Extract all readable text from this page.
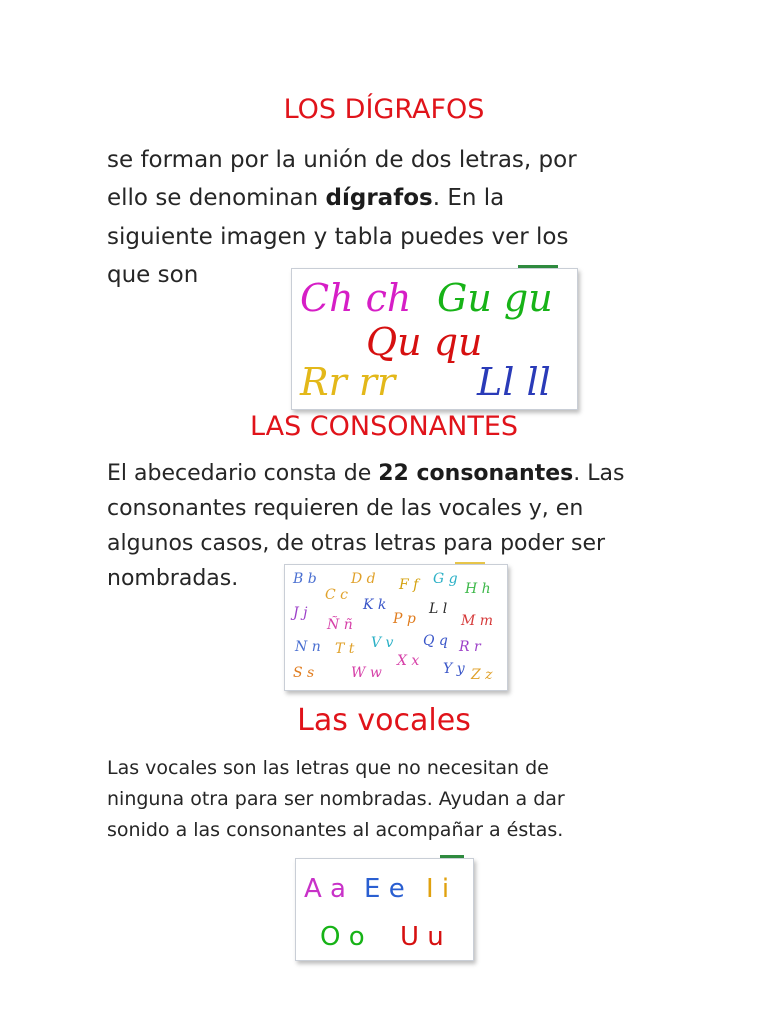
LOS DÍGRAFOS

se forman por la unión de dos letras, por

ello se denominan dígrafos. En la

siguiente imagen y tabla puedes ver los

que son

Ch ch Gu gu
Qu qu
Rr rr Ll ll
LAS CONSONANTES

El abecedario consta de 22 consonantes. Las

consonantes requieren de las vocales y, en

algunos casos, de otras letras para poder ser

nombradas.	B b D d F f G g
H h
C c
K k
J j
Ñ ñ	P p
L l
M m
N n T t V v Q q R r
X x
S s	W w	Y y Z z
Las vocales

Las vocales son las letras que no necesitan de

ninguna otra para ser nombradas. Ayudan a dar

sonido a las consonantes al acompañar a éstas.

A a E e I i
O o U u
